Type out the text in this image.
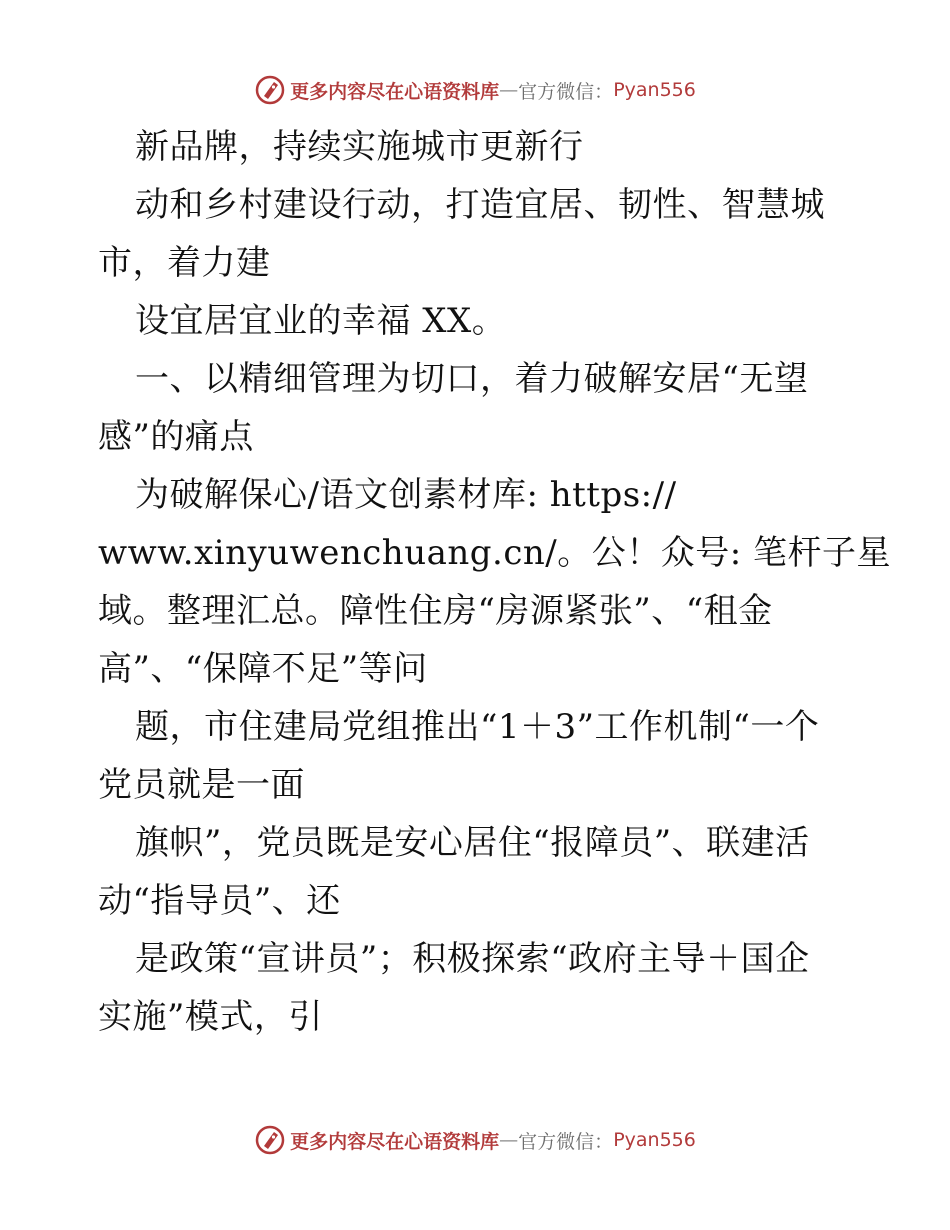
更多内容尽在心语资料库 — 官方微信： Pyan556
新品牌，持续实施城市更新行
动和乡村建设行动，打造宜居、韧性、智慧城
市，着力建
设宜居宜业的幸福 XX。
一、以精细管理为切口，着力破解安居“无望
感”的痛点
为破解保心/语文创素材库: https://
www.xinyuwenchuang.cn/。公！众号: 笔杆子星
域。整理汇总。障性住房“房源紧张”、“租金
高”、“保障不足”等问
题，市住建局党组推出“1＋3”工作机制“一个
党员就是一面
旗帜”，党员既是安心居住“报障员”、联建活
动“指导员”、还
是政策“宣讲员”；积极探索“政府主导＋国企
实施”模式，引
更多内容尽在心语资料库 — 官方微信： Pyan556
